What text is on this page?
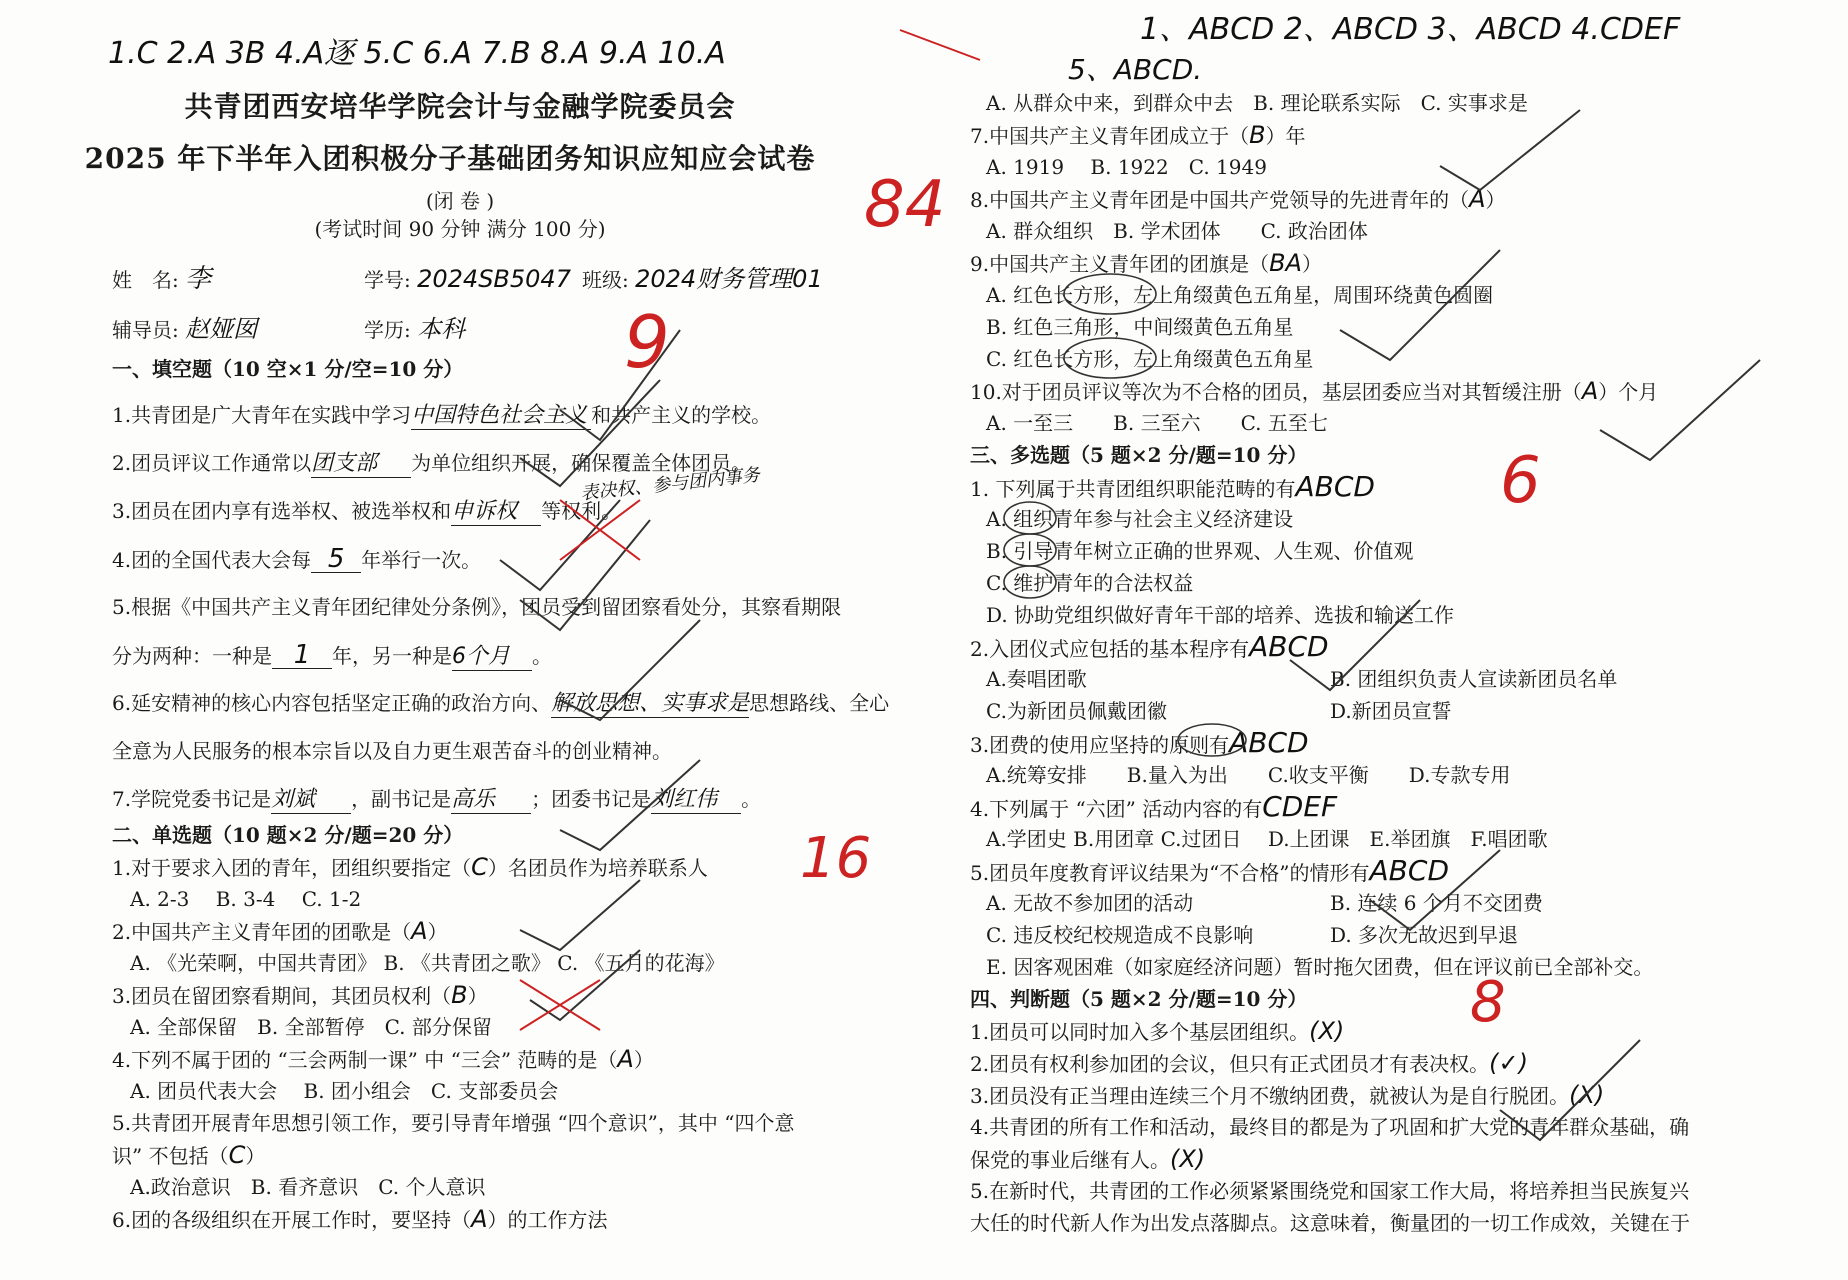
1.C 2.A 3B 4.A逐 5.C 6.A 7.B 8.A 9.A 10.A
1、ABCD 2、ABCD 3、ABCD 4.CDEF
5、ABCD.
共青团西安培华学院会计与金融学院委员会
2025 年下半年入团积极分子基础团务知识应知应会试卷
(闭 卷 )
(考试时间 90 分钟 满分 100 分)	84
姓　名: 李	学号: 2024SB5047 班级: 2024财务管理01
辅导员: 赵娅囡	学历: 本科
一、填空题（10 空×1 分/空=10 分） 9
1.共青团是广大青年在实践中学习中国特色社会主义 和共产主义的学校。
2.团员评议工作通常以团支部 为单位组织开展，确保覆盖全体团员。
表决权、参与团内事务
3.团员在团内享有选举权、被选举权和申诉权 等权利。
4.团的全国代表大会每 5 年举行一次。
5.根据《中国共产主义青年团纪律处分条例》，团员受到留团察看处分，其察看期限
分为两种：一种是 1 年，另一种是6个月 。
6.延安精神的核心内容包括坚定正确的政治方向、解放思想、实事求是思想路线、全心
全意为人民服务的根本宗旨以及自力更生艰苦奋斗的创业精神。
7.学院党委书记是刘斌 ，副书记是高乐 ；团委书记是刘红伟 。
二、单选题（10 题×2 分/题=20 分）	16
1.对于要求入团的青年，团组织要指定（C）名团员作为培养联系人
A. 2-3　 B. 3-4　 C. 1-2
2.中国共产主义青年团的团歌是（A）
A. 《光荣啊，中国共青团》 B. 《共青团之歌》 C. 《五月的花海》
3.团员在留团察看期间，其团员权利（B）
A. 全部保留　B. 全部暂停　C. 部分保留
4.下列不属于团的 “三会两制一课” 中 “三会” 范畴的是（A）
A. 团员代表大会　 B. 团小组会　C. 支部委员会
5.共青团开展青年思想引领工作，要引导青年增强 “四个意识”，其中 “四个意
识” 不包括（C）
A.政治意识　B. 看齐意识　C. 个人意识
6.团的各级组织在开展工作时，要坚持（A）的工作方法
A. 从群众中来，到群众中去　B. 理论联系实际　C. 实事求是
7.中国共产主义青年团成立于（B）年
A. 1919　 B. 1922　C. 1949
8.中国共产主义青年团是中国共产党领导的先进青年的（A）
A. 群众组织　B. 学术团体　　C. 政治团体
9.中国共产主义青年团的团旗是（BA）
A. 红色长方形，左上角缀黄色五角星，周围环绕黄色圆圈
B. 红色三角形，中间缀黄色五角星
C. 红色长方形，左上角缀黄色五角星
10.对于团员评议等次为不合格的团员，基层团委应当对其暂缓注册（A）个月
A. 一至三　　B. 三至六　　C. 五至七
三、多选题（5 题×2 分/题=10 分）	6
1. 下列属于共青团组织职能范畴的有ABCD
A. 组织青年参与社会主义经济建设
B. 引导青年树立正确的世界观、人生观、价值观
C. 维护青年的合法权益
D. 协助党组织做好青年干部的培养、选拔和输送工作
2.入团仪式应包括的基本程序有ABCD
A.奏唱团歌	B. 团组织负责人宣读新团员名单
C.为新团员佩戴团徽	D.新团员宣誓
3.团费的使用应坚持的原则有ABCD
A.统筹安排　　B.量入为出　　C.收支平衡　　D.专款专用
4.下列属于 “六团” 活动内容的有CDEF
A.学团史 B.用团章 C.过团日　 D.上团课　E.举团旗　F.唱团歌
5.团员年度教育评议结果为“不合格”的情形有ABCD
A. 无故不参加团的活动	B. 连续 6 个月不交团费
C. 违反校纪校规造成不良影响	D. 多次无故迟到早退
E. 因客观困难（如家庭经济问题）暂时拖欠团费，但在评议前已全部补交。
四、判断题（5 题×2 分/题=10 分）	8
1.团员可以同时加入多个基层团组织。(X)
2.团员有权利参加团的会议，但只有正式团员才有表决权。(✓)
3.团员没有正当理由连续三个月不缴纳团费，就被认为是自行脱团。(X)
4.共青团的所有工作和活动，最终目的都是为了巩固和扩大党的青年群众基础，确
保党的事业后继有人。(X)
5.在新时代，共青团的工作必须紧紧围绕党和国家工作大局，将培养担当民族复兴
大任的时代新人作为出发点落脚点。这意味着，衡量团的一切工作成效，关键在于
